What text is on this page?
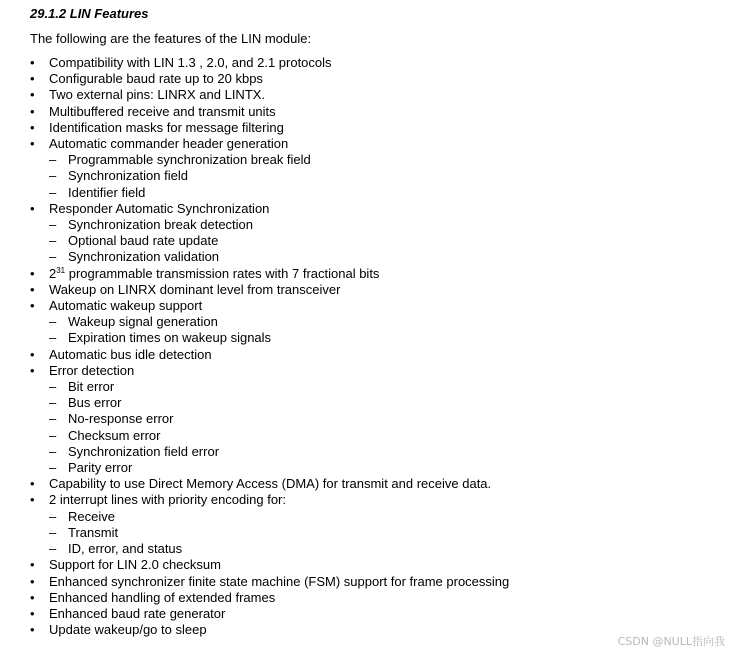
29.1.2 LIN Features
The following are the features of the LIN module:
•	Compatibility with LIN 1.3 , 2.0, and 2.1 protocols
•	Configurable baud rate up to 20 kbps
•	Two external pins: LINRX and LINTX.
•	Multibuffered receive and transmit units
•	Identification masks for message filtering
•	Automatic commander header generation
– Programmable synchronization break field
– Synchronization field
– Identifier field
•	Responder Automatic Synchronization
– Synchronization break detection
– Optional baud rate update
– Synchronization validation
•	$2^{31}$ programmable transmission rates with 7 fractional bits
•	Wakeup on LINRX dominant level from transceiver
•	Automatic wakeup support
– Wakeup signal generation
– Expiration times on wakeup signals
•	Automatic bus idle detection
•	Error detection
– Bit error
– Bus error
– No-response error
– Checksum error
– Synchronization field error
– Parity error
•	Capability to use Direct Memory Access (DMA) for transmit and receive data.
•	2 interrupt lines with priority encoding for:
– Receive
– Transmit
– ID, error, and status
•	Support for LIN 2.0 checksum
•	Enhanced synchronizer finite state machine (FSM) support for frame processing
•	Enhanced handling of extended frames
•	Enhanced baud rate generator
•	Update wakeup/go to sleep
CSDN @NULL指向我
